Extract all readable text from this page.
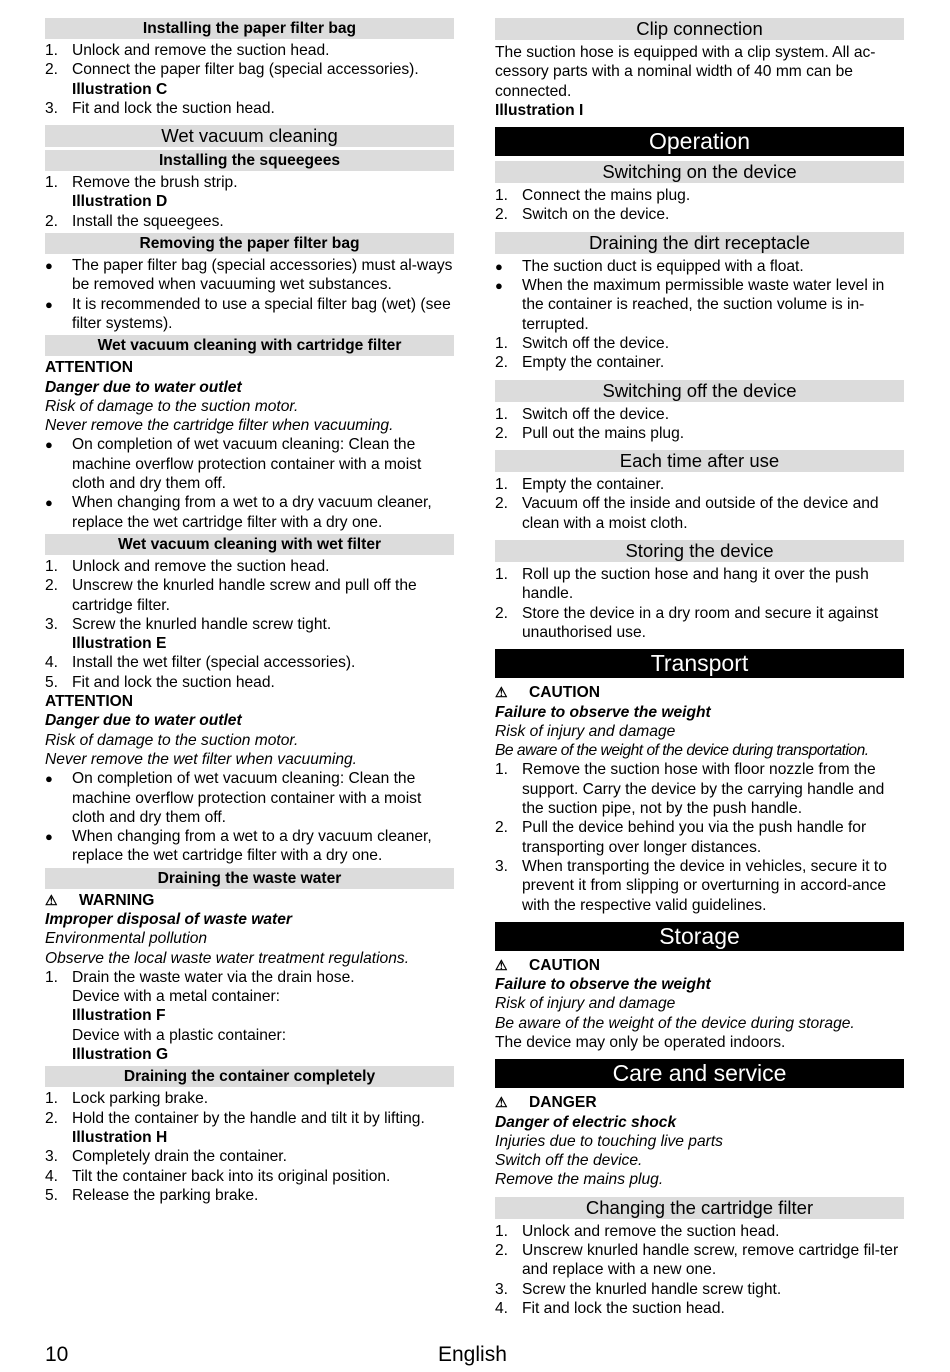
Installing the paper filter bag
1. Unlock and remove the suction head.
2. Connect the paper filter bag (special accessories).
Illustration C
3. Fit and lock the suction head.
Wet vacuum cleaning
Installing the squeegees
1. Remove the brush strip.
Illustration D
2. Install the squeegees.
Removing the paper filter bag
●	The paper filter bag (special accessories) must al-ways be removed when vacuuming wet substances.
●	It is recommended to use a special filter bag (wet) (see filter systems).
Wet vacuum cleaning with cartridge filter
ATTENTION
Danger due to water outlet
Risk of damage to the suction motor.
Never remove the cartridge filter when vacuuming.
●	On completion of wet vacuum cleaning: Clean the machine overflow protection container with a moist cloth and dry them off.
●	When changing from a wet to a dry vacuum cleaner, replace the wet cartridge filter with a dry one.
Wet vacuum cleaning with wet filter
1. Unlock and remove the suction head.
2. Unscrew the knurled handle screw and pull off the cartridge filter.
3. Screw the knurled handle screw tight.
Illustration E
4. Install the wet filter (special accessories).
5. Fit and lock the suction head.
ATTENTION
Danger due to water outlet
Risk of damage to the suction motor.
Never remove the wet filter when vacuuming.
●	On completion of wet vacuum cleaning: Clean the machine overflow protection container with a moist cloth and dry them off.
●	When changing from a wet to a dry vacuum cleaner, replace the wet cartridge filter with a dry one.
Draining the waste water
⚠	WARNING
Improper disposal of waste water
Environmental pollution
Observe the local waste water treatment regulations.
1. Drain the waste water via the drain hose.
Device with a metal container:
Illustration F
Device with a plastic container:
Illustration G
Draining the container completely
1. Lock parking brake.
2. Hold the container by the handle and tilt it by lifting.
Illustration H
3. Completely drain the container.
4. Tilt the container back into its original position.
5. Release the parking brake.
Clip connection
The suction hose is equipped with a clip system. All ac-cessory parts with a nominal width of 40 mm can be connected.
Illustration I
Operation
Switching on the device
1. Connect the mains plug.
2. Switch on the device.
Draining the dirt receptacle
●	The suction duct is equipped with a float.
●	When the maximum permissible waste water level in the container is reached, the suction volume is in-terrupted.
1. Switch off the device.
2. Empty the container.
Switching off the device
1. Switch off the device.
2. Pull out the mains plug.
Each time after use
1. Empty the container.
2. Vacuum off the inside and outside of the device and clean with a moist cloth.
Storing the device
1. Roll up the suction hose and hang it over the push handle.
2. Store the device in a dry room and secure it against unauthorised use.
Transport
⚠	CAUTION
Failure to observe the weight
Risk of injury and damage
Be aware of the weight of the device during transportation.
1. Remove the suction hose with floor nozzle from the support. Carry the device by the carrying handle and the suction pipe, not by the push handle.
2. Pull the device behind you via the push handle for transporting over longer distances.
3. When transporting the device in vehicles, secure it to prevent it from slipping or overturning in accord-ance with the respective valid guidelines.
Storage
⚠	CAUTION
Failure to observe the weight
Risk of injury and damage
Be aware of the weight of the device during storage.
The device may only be operated indoors.
Care and service
⚠	DANGER
Danger of electric shock
Injuries due to touching live parts
Switch off the device.
Remove the mains plug.
Changing the cartridge filter
1. Unlock and remove the suction head.
2. Unscrew knurled handle screw, remove cartridge fil-ter and replace with a new one.
3. Screw the knurled handle screw tight.
4. Fit and lock the suction head.
10	English
